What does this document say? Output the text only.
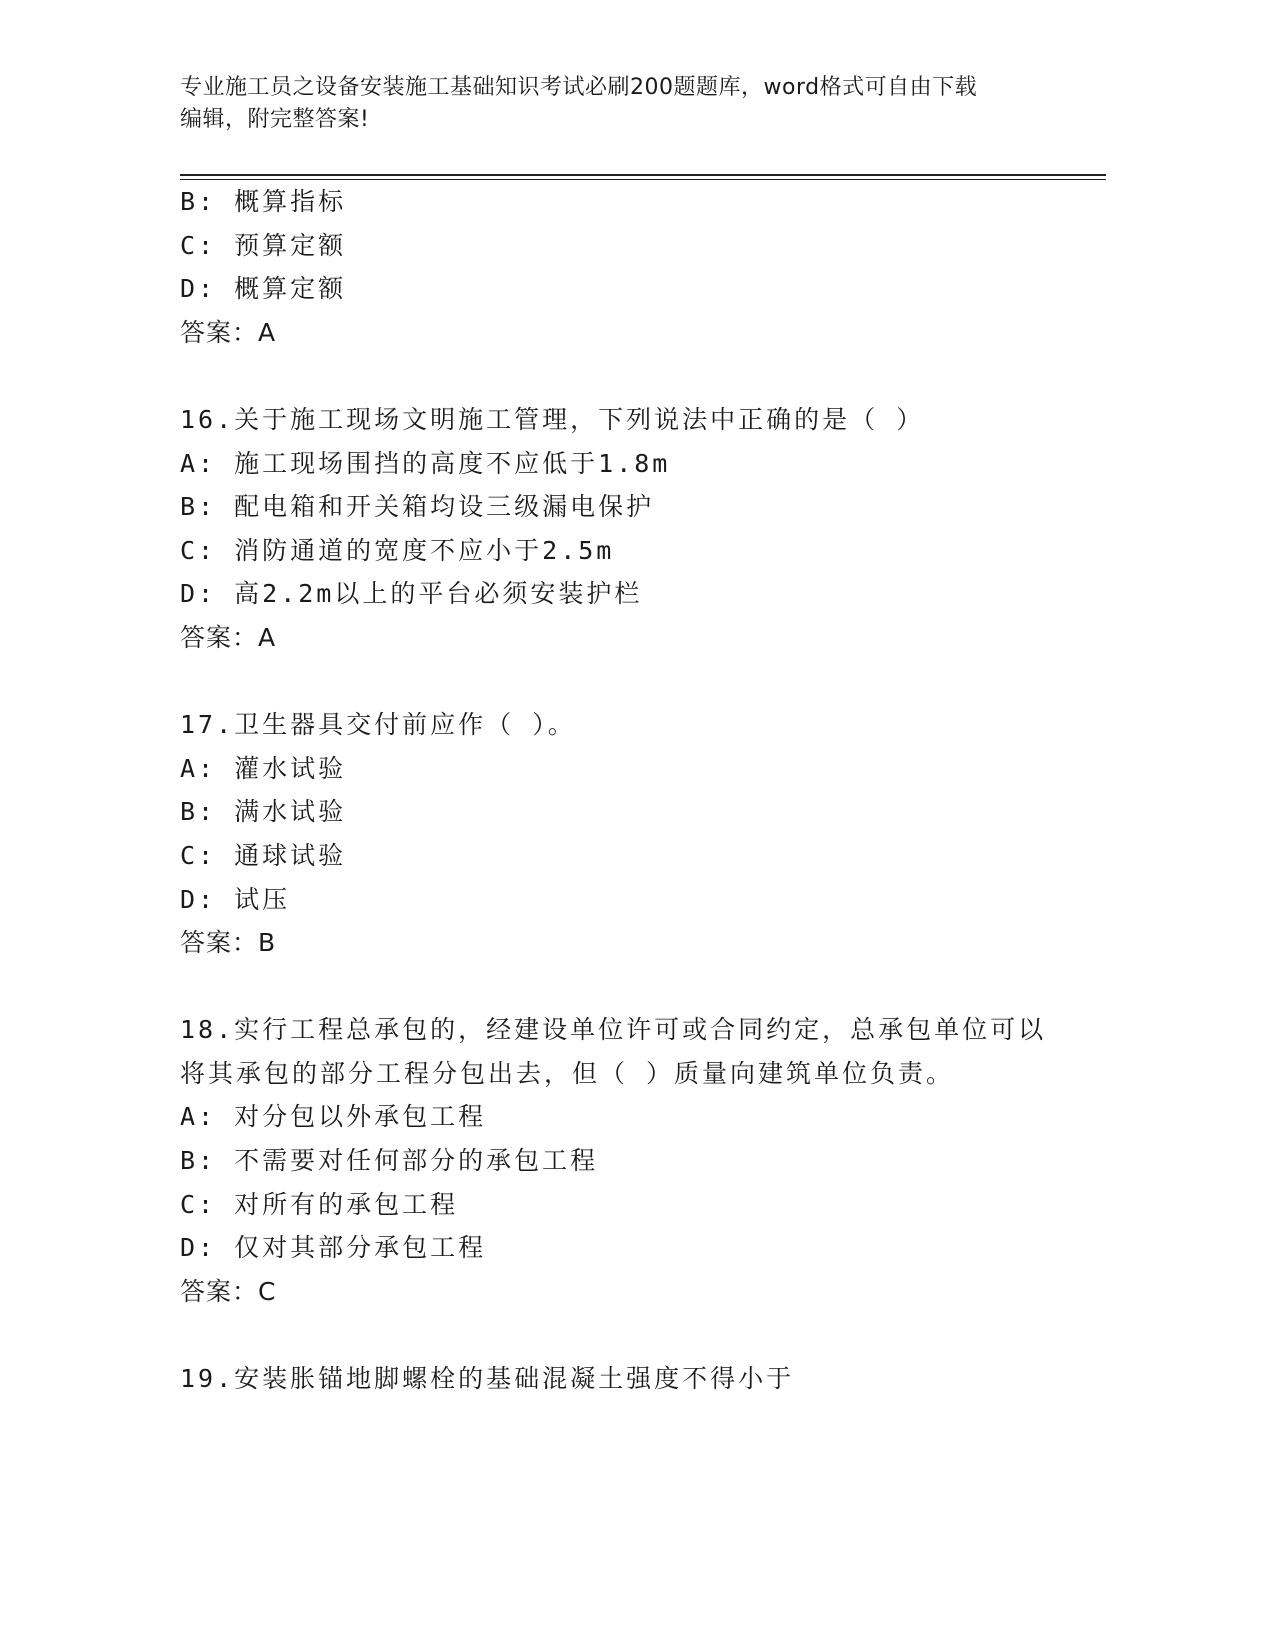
专业施工员之设备安装施工基础知识考试必刷200题题库，word格式可自由下载
编辑，附完整答案!
B: 概算指标
C: 预算定额
D: 概算定额
答案：A
16.关于施工现场文明施工管理，下列说法中正确的是（ ）
A: 施工现场围挡的高度不应低于1.8m
B: 配电箱和开关箱均设三级漏电保护
C: 消防通道的宽度不应小于2.5m
D: 高2.2m以上的平台必须安装护栏
答案：A
17.卫生器具交付前应作（ ）。
A: 灌水试验
B: 满水试验
C: 通球试验
D: 试压
答案：B
18.实行工程总承包的，经建设单位许可或合同约定，总承包单位可以
将其承包的部分工程分包出去，但（ ）质量向建筑单位负责。
A: 对分包以外承包工程
B: 不需要对任何部分的承包工程
C: 对所有的承包工程
D: 仅对其部分承包工程
答案：C
19.安装胀锚地脚螺栓的基础混凝土强度不得小于
